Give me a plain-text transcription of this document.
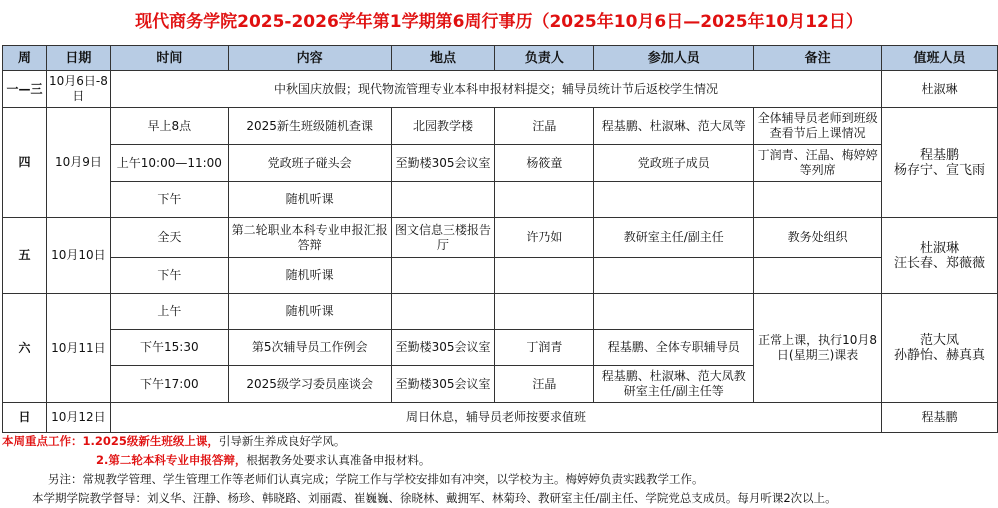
现代商务学院2025-2026学年第1学期第6周行事历（2025年10月6日—2025年10月12日）
周	日期	时间	内容	地点	负责人	参加人员	备注	值班人员
一—三	10月6日-8日	中秋国庆放假；现代物流管理专业本科申报材料提交；辅导员统计节后返校学生情况						杜淑琳
四	10月9日	早上8点	2025新生班级随机查课	北园教学楼	汪晶	程基鹏、杜淑琳、范大凤等	全体辅导员老师到班级查看节后上课情况	程基鹏
杨存宁、宣飞雨
		上午10:00—11:00	党政班子碰头会	至勤楼305会议室	杨筱童	党政班子成员	丁润青、汪晶、梅婷婷等列席	
		下午	随机听课					
五	10月10日	全天	第二轮职业本科专业申报汇报答辩	图文信息三楼报告厅	许乃如	教研室主任/副主任	教务处组织	杜淑琳
汪长春、郑薇薇
		下午	随机听课					
六	10月11日	上午	随机听课				正常上课，执行10月8日(星期三)课表	范大凤
孙静怡、赫真真
		下午15:30	第5次辅导员工作例会	至勤楼305会议室	丁润青	程基鹏、全体专职辅导员		
		下午17:00	2025级学习委员座谈会	至勤楼305会议室	汪晶	程基鹏、杜淑琳、范大凤教研室主任/副主任等		
日	10月12日	周日休息，辅导员老师按要求值班						程基鹏
本周重点工作：1.2025级新生班级上课，引导新生养成良好学风。
2.第二轮本科专业申报答辩，根据教务处要求认真准备申报材料。
另注：常规教学管理、学生管理工作等老师们认真完成；学院工作与学校安排如有冲突，以学校为主。梅婷婷负责实践教学工作。
本学期学院教学督导：刘义华、汪静、杨珍、韩晓路、刘丽霞、崔巍巍、徐晓林、戴拥军、林菊玲、教研室主任/副主任、学院党总支成员。每月听课2次以上。
